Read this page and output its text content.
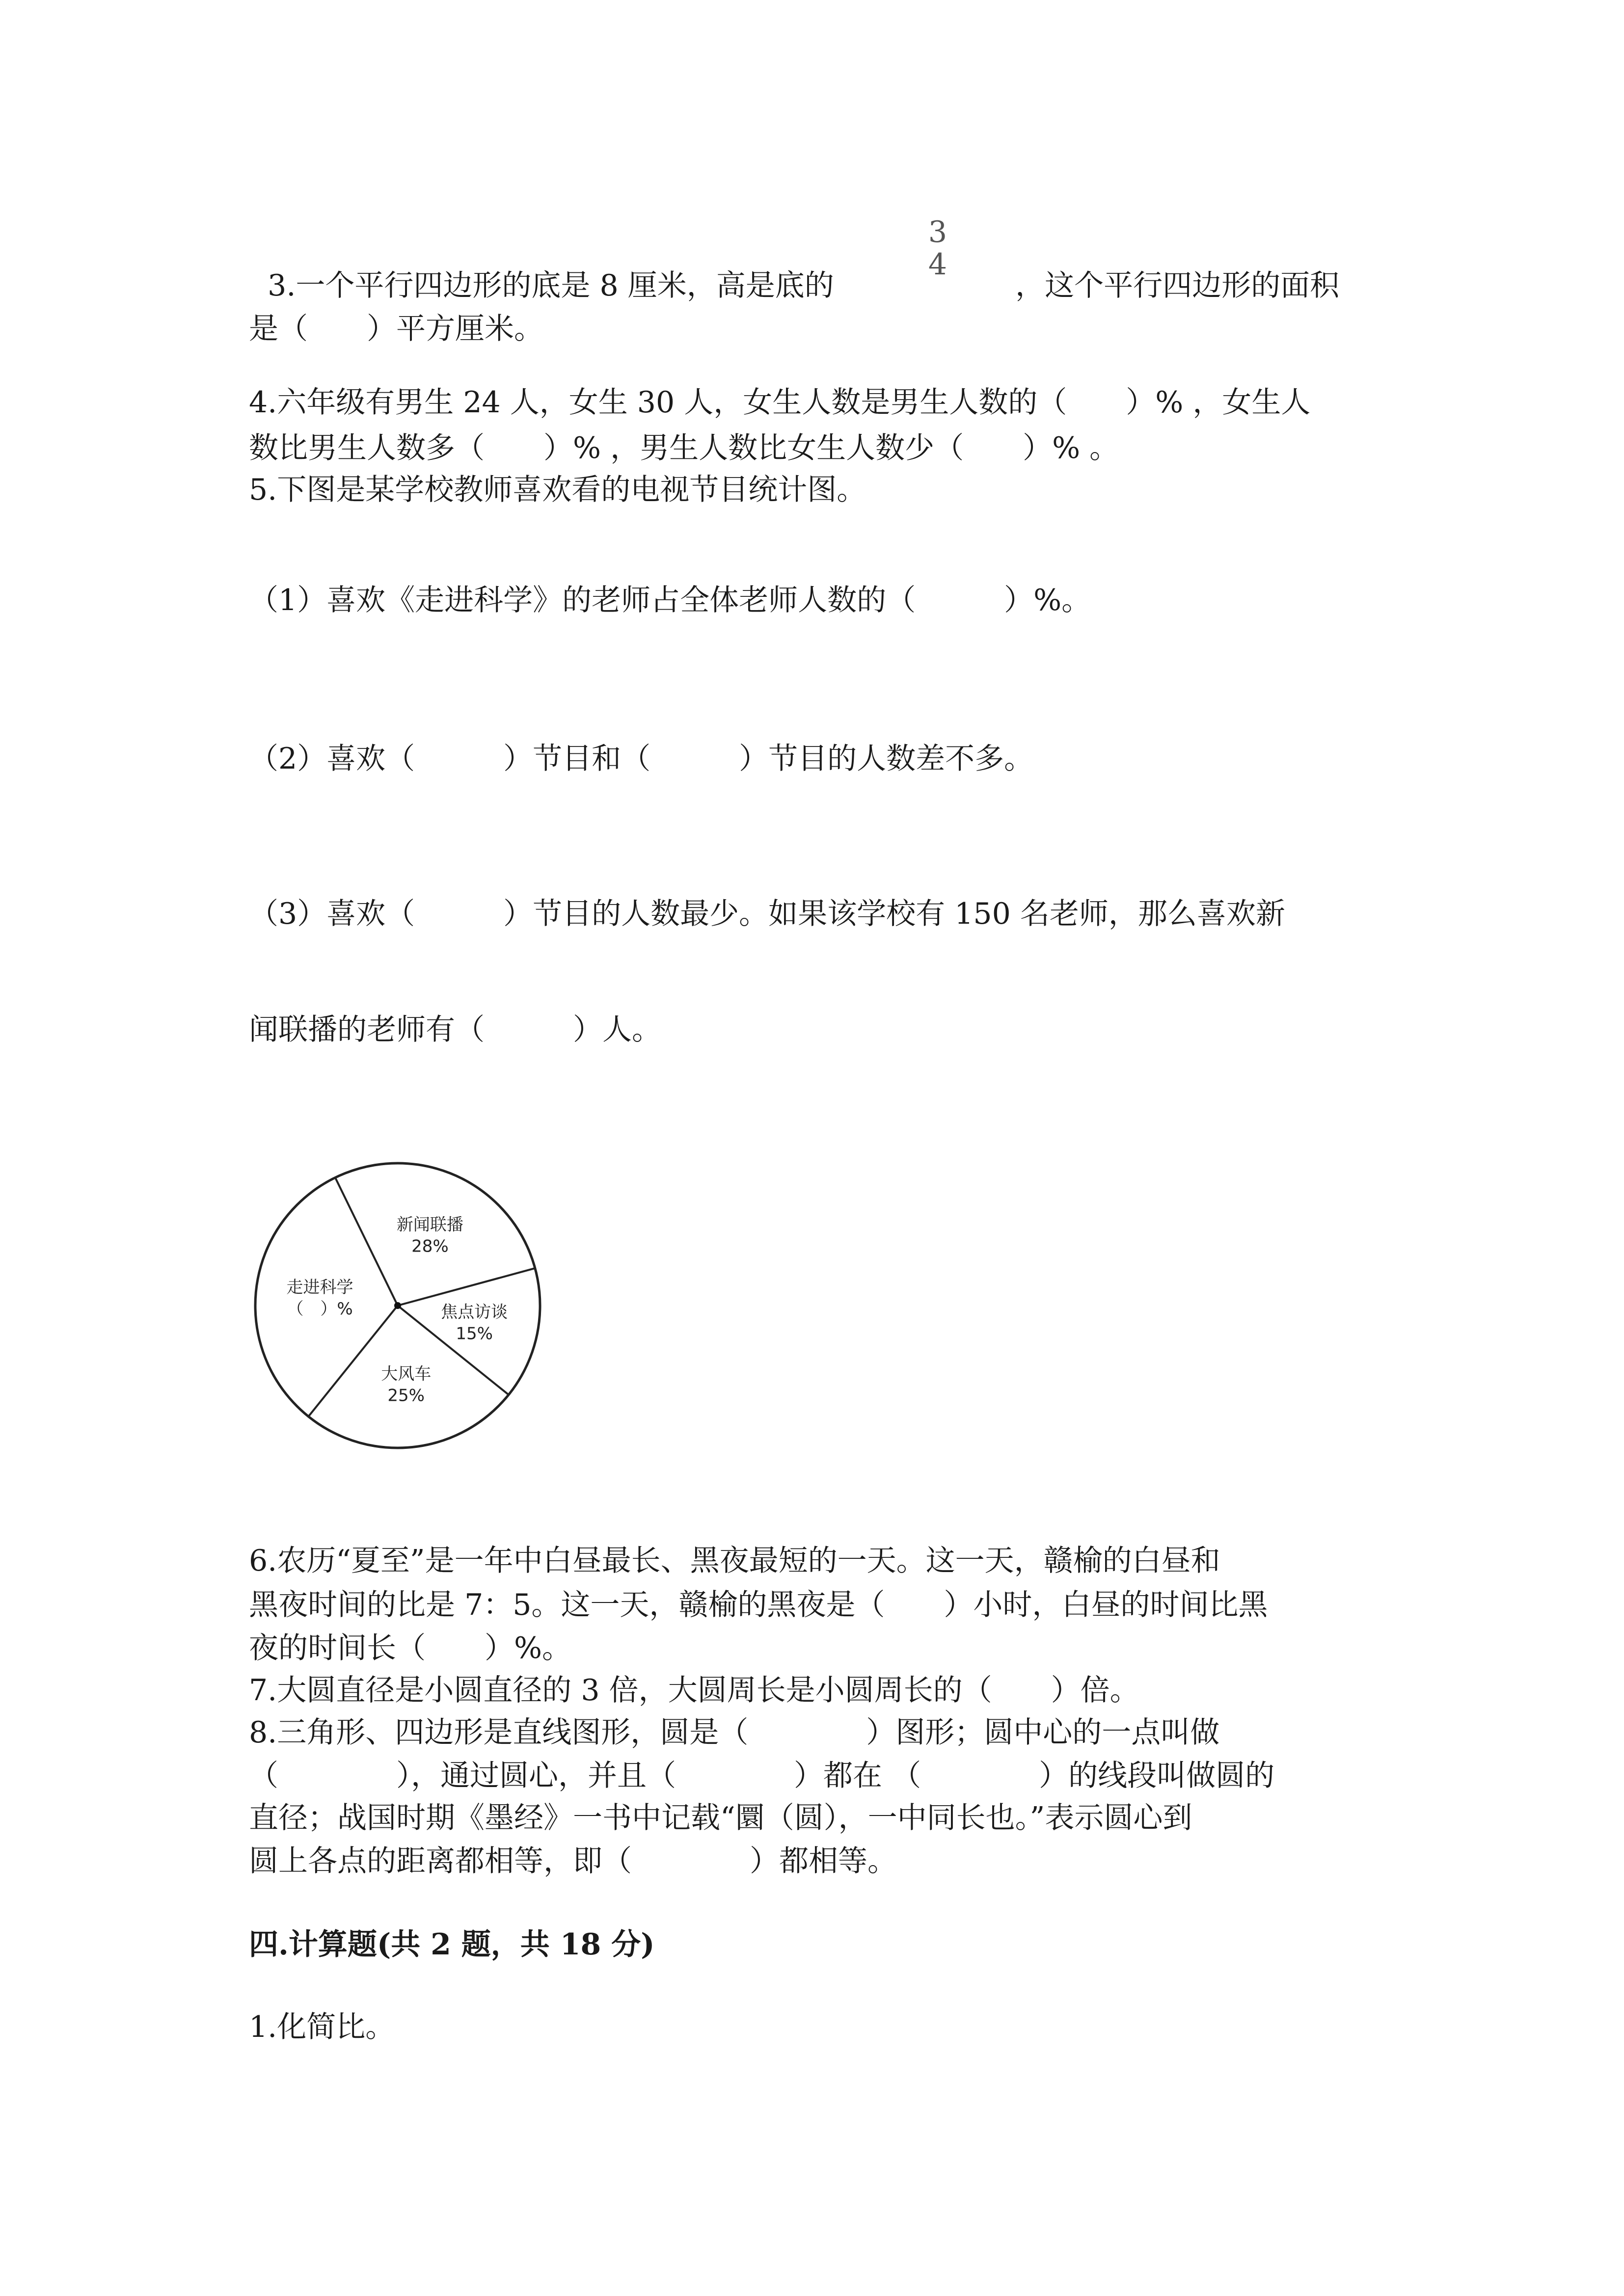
3.一个平行四边形的底是 8 厘米，高是底的

3
4

，这个平行四边形的面积

是（　　）平方厘米。
4.六年级有男生 24 人，女生 30 人，女生人数是男生人数的（　　）% ，女生人
数比男生人数多（　　）% ，男生人数比女生人数少（　　）% 。
5.下图是某学校教师喜欢看的电视节目统计图。
（1）喜欢《走进科学》的老师占全体老师人数的（　　　）%。
（2）喜欢（　　　）节目和（　　　）节目的人数差不多。
（3）喜欢（　　　）节目的人数最少。如果该学校有 150 名老师，那么喜欢新
闻联播的老师有（　　　）人。
新闻联播
28%
焦点访谈
15%
大风车
25%
走进科学
（　）%
6.农历“夏至”是一年中白昼最长、黑夜最短的一天。这一天，赣榆的白昼和
黑夜时间的比是 7：5。这一天，赣榆的黑夜是（　　）小时，白昼的时间比黑
夜的时间长（　　）%。
7.大圆直径是小圆直径的 3 倍，大圆周长是小圆周长的（　　）倍。
8.三角形、四边形是直线图形，圆是（　　　　）图形；圆中心的一点叫做
（　　　　），通过圆心，并且（　　　　）都在 （　　　　）的线段叫做圆的
直径；战国时期《墨经》一书中记载“圜（圆），一中同长也。”表示圆心到
圆上各点的距离都相等，即（　　　　）都相等。
四.计算题(共 2 题，共 18 分)
1.化简比。
